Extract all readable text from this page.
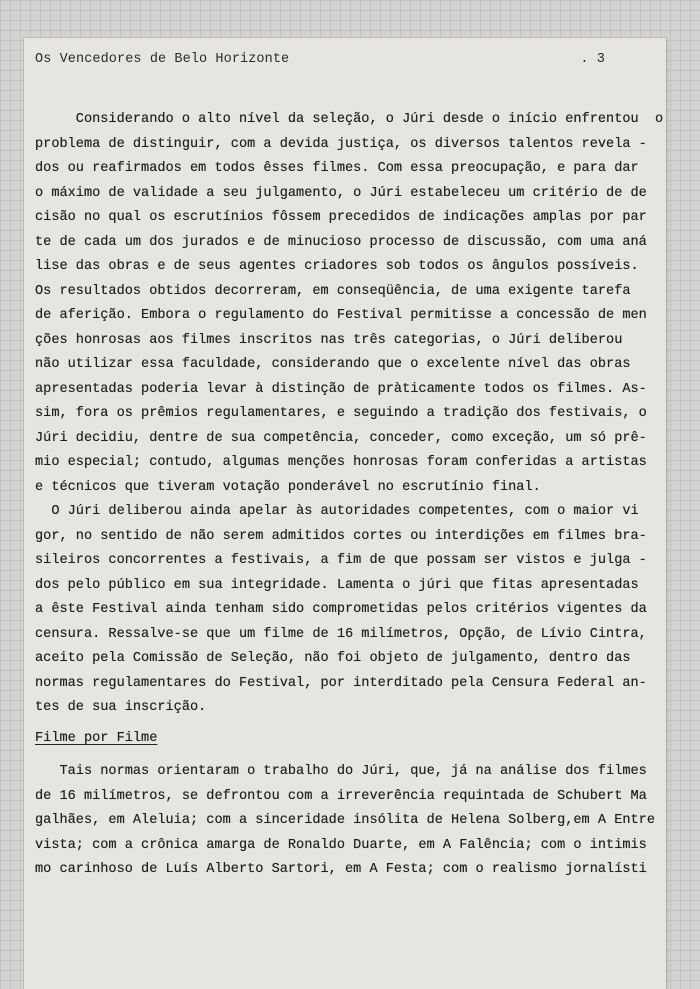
Os Vencedores de Belo Horizonte	. 3
Considerando o alto nível da seleção, o Júri desde o início enfrentou  o
problema de distinguir, com a devida justiça, os diversos talentos revela -
dos ou reafirmados em todos êsses filmes. Com essa preocupação, e para dar
o máximo de validade a seu julgamento, o Júri estabeleceu um critério de de
cisão no qual os escrutínios fôssem precedidos de indicações amplas por par
te de cada um dos jurados e de minucioso processo de discussão, com uma aná
lise das obras e de seus agentes criadores sob todos os ângulos possíveis.
Os resultados obtidos decorreram, em conseqüência, de uma exigente tarefa
de aferição. Embora o regulamento do Festival permitisse a concessão de men
ções honrosas aos filmes inscritos nas três categorias, o Júri deliberou
não utilizar essa faculdade, considerando que o excelente nível das obras
apresentadas poderia levar à distinção de pràticamente todos os filmes. As-
sim, fora os prêmios regulamentares, e seguindo a tradição dos festivais, o
Júri decidiu, dentre de sua competência, conceder, como exceção, um só prê-
mio especial; contudo, algumas menções honrosas foram conferidas a artistas
e técnicos que tiveram votação ponderável no escrutínio final.
O Júri deliberou ainda apelar às autoridades competentes, com o maior vi
gor, no sentido de não serem admitidos cortes ou interdições em filmes bra-
sileiros concorrentes a festivais, a fim de que possam ser vistos e julga -
dos pelo público em sua integridade. Lamenta o júri que fitas apresentadas
a êste Festival ainda tenham sido comprometidas pelos critérios vigentes da
censura. Ressalve-se que um filme de 16 milímetros, Opção, de Lívio Cintra,
aceito pela Comissão de Seleção, não foi objeto de julgamento, dentro das
normas regulamentares do Festival, por interditado pela Censura Federal an-
tes de sua inscrição.
Filme por Filme
Tais normas orientaram o trabalho do Júri, que, já na análise dos filmes
de 16 milímetros, se defrontou com a irreverência requintada de Schubert Ma
galhães, em Aleluia; com a sinceridade insólita de Helena Solberg,em A Entre
vista; com a crônica amarga de Ronaldo Duarte, em A Falência; com o intimis
mo carinhoso de Luís Alberto Sartori, em A Festa; com o realismo jornalísti
